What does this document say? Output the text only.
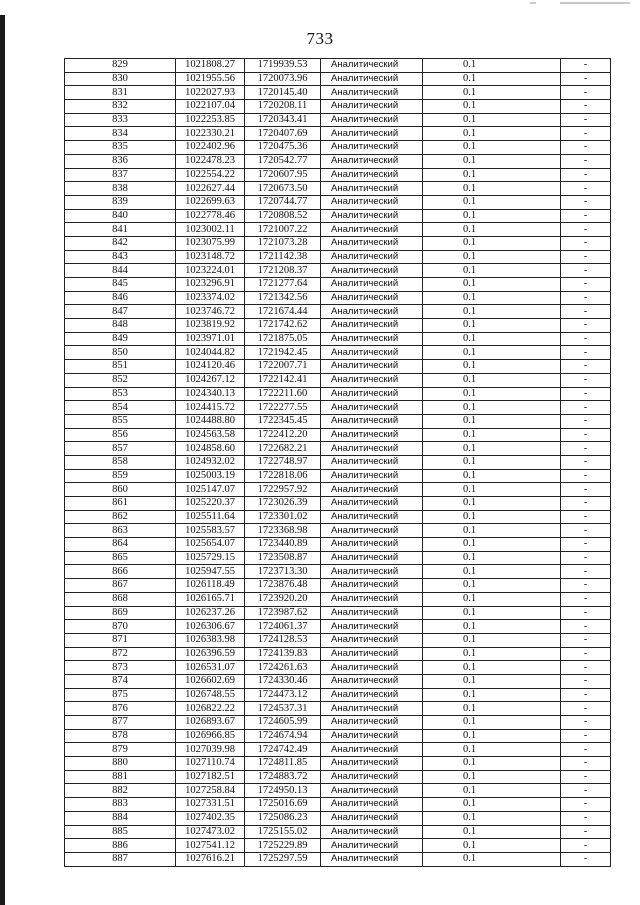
733
829	1021808.27	1719939.53	Аналитический	0.1	-
830	1021955.56	1720073.96	Аналитический	0.1	-
831	1022027.93	1720145.40	Аналитический	0.1	-
832	1022107.04	1720208.11	Аналитический	0.1	-
833	1022253.85	1720343.41	Аналитический	0.1	-
834	1022330.21	1720407.69	Аналитический	0.1	-
835	1022402.96	1720475.36	Аналитический	0.1	-
836	1022478.23	1720542.77	Аналитический	0.1	-
837	1022554.22	1720607.95	Аналитический	0.1	-
838	1022627.44	1720673.50	Аналитический	0.1	-
839	1022699.63	1720744.77	Аналитический	0.1	-
840	1022778.46	1720808.52	Аналитический	0.1	-
841	1023002.11	1721007.22	Аналитический	0.1	-
842	1023075.99	1721073.28	Аналитический	0.1	-
843	1023148.72	1721142.38	Аналитический	0.1	-
844	1023224.01	1721208.37	Аналитический	0.1	-
845	1023296.91	1721277.64	Аналитический	0.1	-
846	1023374.02	1721342.56	Аналитический	0.1	-
847	1023746.72	1721674.44	Аналитический	0.1	-
848	1023819.92	1721742.62	Аналитический	0.1	-
849	1023971.01	1721875.05	Аналитический	0.1	-
850	1024044.82	1721942.45	Аналитический	0.1	-
851	1024120.46	1722007.71	Аналитический	0.1	-
852	1024267.12	1722142.41	Аналитический	0.1	-
853	1024340.13	1722211.60	Аналитический	0.1	-
854	1024415.72	1722277.55	Аналитический	0.1	-
855	1024488.80	1722345.45	Аналитический	0.1	-
856	1024563.58	1722412.20	Аналитический	0.1	-
857	1024858.60	1722682.21	Аналитический	0.1	-
858	1024932.02	1722748.97	Аналитический	0.1	-
859	1025003.19	1722818.06	Аналитический	0.1	-
860	1025147.07	1722957.92	Аналитический	0.1	-
861	1025220.37	1723026.39	Аналитический	0.1	-
862	1025511.64	1723301.02	Аналитический	0.1	-
863	1025583.57	1723368.98	Аналитический	0.1	-
864	1025654.07	1723440.89	Аналитический	0.1	-
865	1025729.15	1723508.87	Аналитический	0.1	-
866	1025947.55	1723713.30	Аналитический	0.1	-
867	1026118.49	1723876.48	Аналитический	0.1	-
868	1026165.71	1723920.20	Аналитический	0.1	-
869	1026237.26	1723987.62	Аналитический	0.1	-
870	1026306.67	1724061.37	Аналитический	0.1	-
871	1026383.98	1724128.53	Аналитический	0.1	-
872	1026396.59	1724139.83	Аналитический	0.1	-
873	1026531.07	1724261.63	Аналитический	0.1	-
874	1026602.69	1724330.46	Аналитический	0.1	-
875	1026748.55	1724473.12	Аналитический	0.1	-
876	1026822.22	1724537.31	Аналитический	0.1	-
877	1026893.67	1724605.99	Аналитический	0.1	-
878	1026966.85	1724674.94	Аналитический	0.1	-
879	1027039.98	1724742.49	Аналитический	0.1	-
880	1027110.74	1724811.85	Аналитический	0.1	-
881	1027182.51	1724883.72	Аналитический	0.1	-
882	1027258.84	1724950.13	Аналитический	0.1	-
883	1027331.51	1725016.69	Аналитический	0.1	-
884	1027402.35	1725086.23	Аналитический	0.1	-
885	1027473.02	1725155.02	Аналитический	0.1	-
886	1027541.12	1725229.89	Аналитический	0.1	-
887	1027616.21	1725297.59	Аналитический	0.1	-
